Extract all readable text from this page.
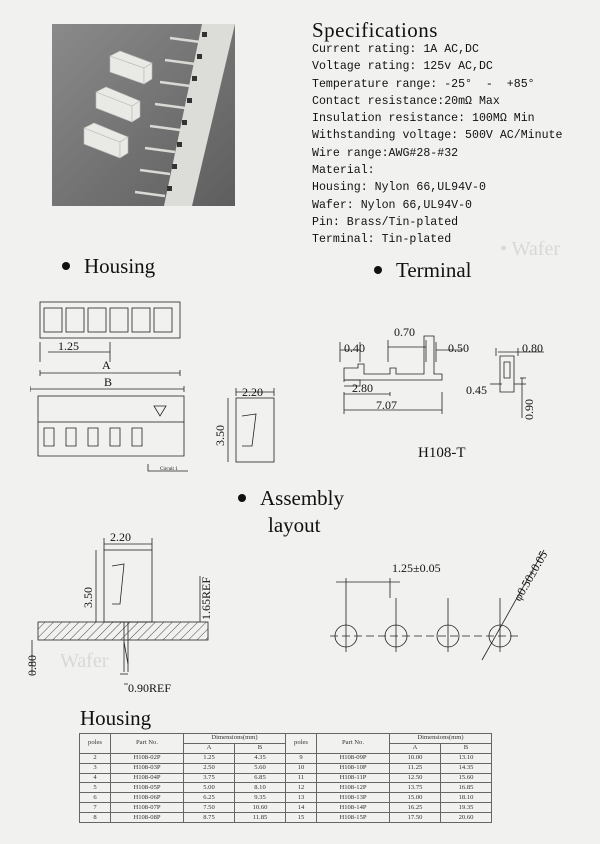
• Wafer
Wafer
Specifications
Current rating: 1A AC,DC
Voltage rating: 125v AC,DC
Temperature range: -25°  -  +85°
Contact resistance:20mΩ Max
Insulation resistance: 100MΩ Min
Withstanding voltage: 500V AC/Minute
Wire range:AWG#28-#32
Material:
Housing: Nylon 66,UL94V-0
Wafer: Nylon 66,UL94V-0
Pin: Brass/Tin-plated
Terminal: Tin-plated
Housing	Terminal
Assembly
layout
1.25
A
B
Circuit 1
2.20
3.50
0.70
0.40	0.50
2.80
7.07
0.80
0.45
0.90
H108-T
2.20
3.50	1.65REF
0.80
0.90REF
1.25±0.05	φ0.50±0.05
Housing
poles	Part No.	Dimensions(mm)		poles	Part No.	Dimensions(mm)	
		A	B			A	B
2	H108-02P	1.25	4.35	9	H108-09P	10.00	13.10
3	H108-03P	2.50	5.60	10	H108-10P	11.25	14.35
4	H108-04P	3.75	6.85	11	H108-11P	12.50	15.60
5	H108-05P	5.00	8.10	12	H108-12P	13.75	16.85
6	H108-06P	6.25	9.35	13	H108-13P	15.00	18.10
7	H108-07P	7.50	10.60	14	H108-14P	16.25	19.35
8	H108-08P	8.75	11.85	15	H108-15P	17.50	20.60
